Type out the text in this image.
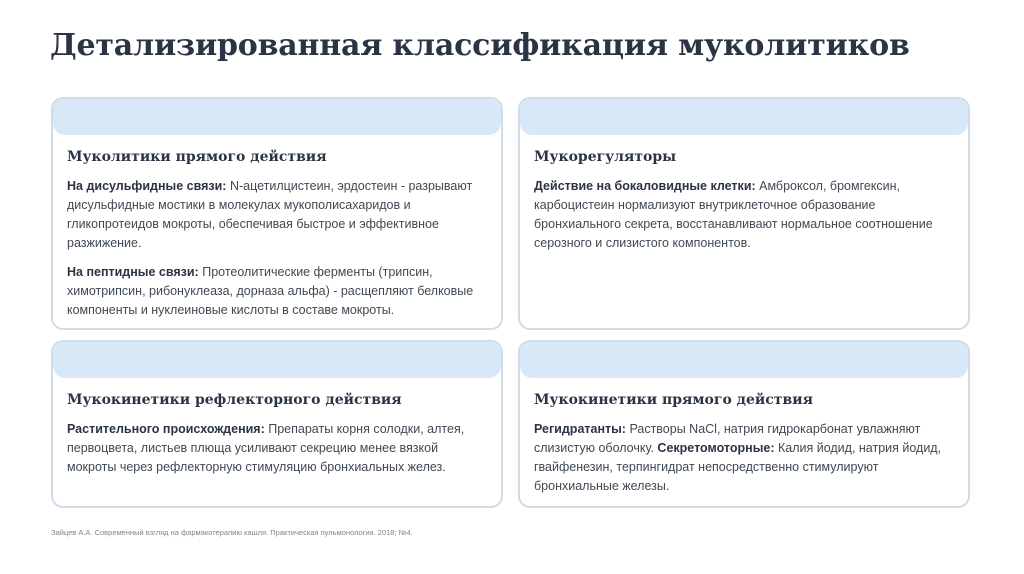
Детализированная классификация муколитиков
Муколитики прямого действия

На дисульфидные связи: N-ацетилцистеин, эрдостеин - разрывают дисульфидные мостики в молекулах мукополисахаридов и гликопротеидов мокроты, обеспечивая быстрое и эффективное разжижение.

На пептидные связи: Протеолитические ферменты (трипсин, химотрипсин, рибонуклеаза, дорназа альфа) - расщепляют белковые компоненты и нуклеиновые кислоты в составе мокроты.

Мукорегуляторы

Действие на бокаловидные клетки: Амброксол, бромгексин, карбоцистеин нормализуют внутриклеточное образование бронхиального секрета, восстанавливают нормальное соотношение серозного и слизистого компонентов.

Мукокинетики рефлекторного действия

Растительного происхождения: Препараты корня солодки, алтея, первоцвета, листьев плюща усиливают секрецию менее вязкой мокроты через рефлекторную стимуляцию бронхиальных желез.

Мукокинетики прямого действия

Регидратанты: Растворы NaCl, натрия гидрокарбонат увлажняют слизистую оболочку. Секретомоторные: Калия йодид, натрия йодид, гвайфенезин, терпингидрат непосредственно стимулируют бронхиальные железы.

Зайцев А.А. Современный взгляд на фармакотерапию кашля. Практическая пульмонология. 2018; №4.
